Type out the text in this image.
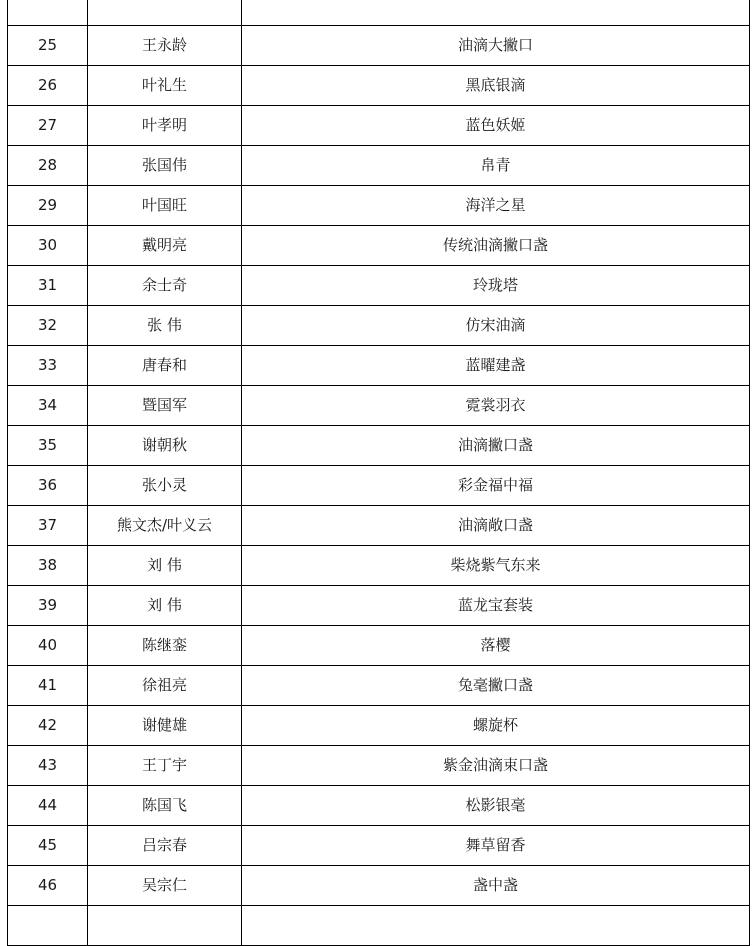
25	王永龄	油滴大撇口
26	叶礼生	黑底银滴
27	叶孝明	蓝色妖姬
28	张国伟	帛青
29	叶国旺	海洋之星
30	戴明亮	传统油滴撇口盏
31	余士奇	玲珑塔
32	张 伟	仿宋油滴
33	唐春和	蓝曜建盏
34	暨国军	霓裳羽衣
35	谢朝秋	油滴撇口盏
36	张小灵	彩金福中福
37	熊文杰/叶义云	油滴敞口盏
38	刘 伟	柴烧紫气东来
39	刘 伟	蓝龙宝套装
40	陈继銮	落樱
41	徐祖亮	兔毫撇口盏
42	谢健雄	螺旋杯
43	王丁宇	紫金油滴束口盏
44	陈国飞	松影银毫
45	吕宗春	舞草留香
46	吴宗仁	盏中盏
